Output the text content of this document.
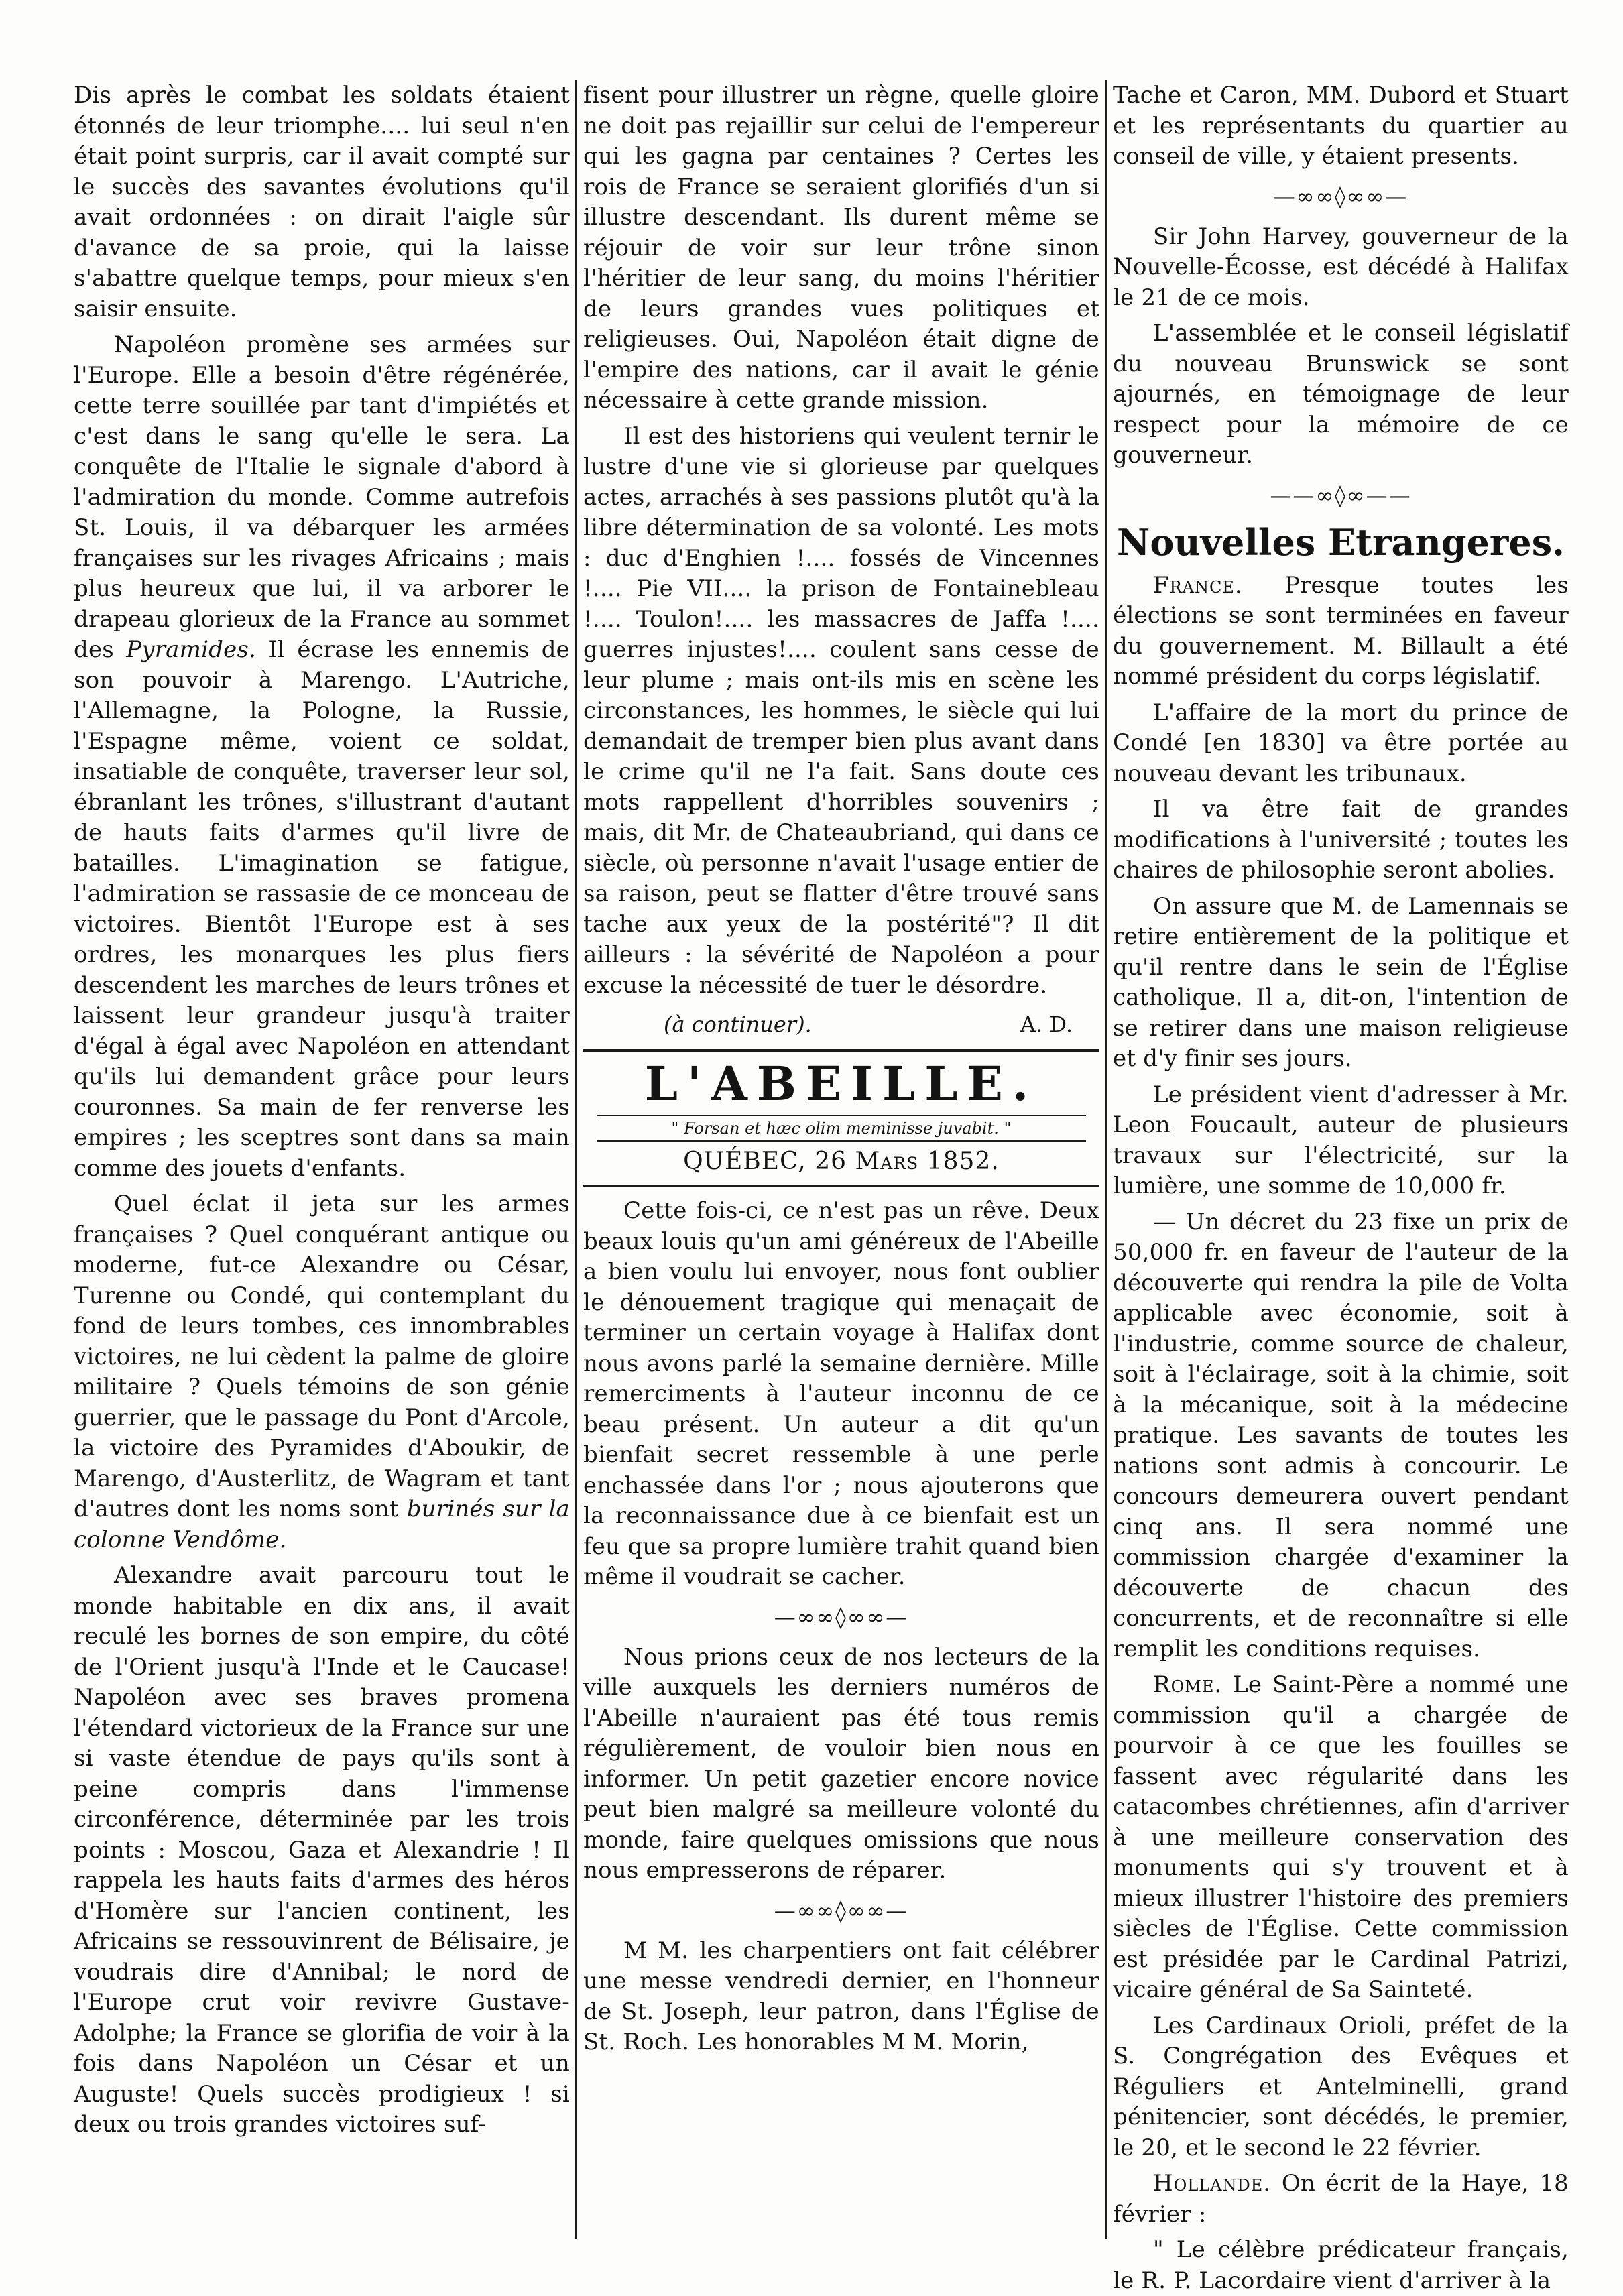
Dis après le combat les soldats étaient étonnés de leur triomphe.... lui seul n'en était point surpris, car il avait compté sur le succès des savantes évolutions qu'il avait ordonnées : on dirait l'aigle sûr d'avance de sa proie, qui la laisse s'abattre quelque temps, pour mieux s'en saisir ensuite.

Napoléon promène ses armées sur l'Europe. Elle a besoin d'être régénérée, cette terre souillée par tant d'impiétés et c'est dans le sang qu'elle le sera. La conquête de l'Italie le signale d'abord à l'admiration du monde. Comme autrefois St. Louis, il va débarquer les armées françaises sur les rivages Africains ; mais plus heureux que lui, il va arborer le drapeau glorieux de la France au sommet des Pyramides. Il écrase les ennemis de son pouvoir à Marengo. L'Autriche, l'Allemagne, la Pologne, la Russie, l'Espagne même, voient ce soldat, insatiable de conquête, traverser leur sol, ébranlant les trônes, s'illustrant d'autant de hauts faits d'armes qu'il livre de batailles. L'imagination se fatigue, l'admiration se rassasie de ce monceau de victoires. Bientôt l'Europe est à ses ordres, les monarques les plus fiers descendent les marches de leurs trônes et laissent leur grandeur jusqu'à traiter d'égal à égal avec Napoléon en attendant qu'ils lui demandent grâce pour leurs couronnes. Sa main de fer renverse les empires ; les sceptres sont dans sa main comme des jouets d'enfants.

Quel éclat il jeta sur les armes françaises ? Quel conquérant antique ou moderne, fut-ce Alexandre ou César, Turenne ou Condé, qui contemplant du fond de leurs tombes, ces innombrables victoires, ne lui cèdent la palme de gloire militaire ? Quels témoins de son génie guerrier, que le passage du Pont d'Arcole, la victoire des Pyramides d'Aboukir, de Marengo, d'Austerlitz, de Wagram et tant d'autres dont les noms sont burinés sur la colonne Vendôme.

Alexandre avait parcouru tout le monde habitable en dix ans, il avait reculé les bornes de son empire, du côté de l'Orient jusqu'à l'Inde et le Caucase! Napoléon avec ses braves promena l'étendard victorieux de la France sur une si vaste étendue de pays qu'ils sont à peine compris dans l'immense circonférence, déterminée par les trois points : Moscou, Gaza et Alexandrie ! Il rappela les hauts faits d'armes des héros d'Homère sur l'ancien continent, les Africains se ressouvinrent de Bélisaire, je voudrais dire d'Annibal; le nord de l'Europe crut voir revivre Gustave-Adolphe; la France se glorifia de voir à la fois dans Napoléon un César et un Auguste! Quels succès prodigieux ! si deux ou trois grandes victoires suf-

fisent pour illustrer un règne, quelle gloire ne doit pas rejaillir sur celui de l'empereur qui les gagna par centaines ? Certes les rois de France se seraient glorifiés d'un si illustre descendant. Ils durent même se réjouir de voir sur leur trône sinon l'héritier de leur sang, du moins l'héritier de leurs grandes vues politiques et religieuses. Oui, Napoléon était digne de l'empire des nations, car il avait le génie nécessaire à cette grande mission.

Il est des historiens qui veulent ternir le lustre d'une vie si glorieuse par quelques actes, arrachés à ses passions plutôt qu'à la libre détermination de sa volonté. Les mots : duc d'Enghien !.... fossés de Vincennes !.... Pie VII.... la prison de Fontainebleau !.... Toulon!.... les massacres de Jaffa !.... guerres injustes!.... coulent sans cesse de leur plume ; mais ont-ils mis en scène les circonstances, les hommes, le siècle qui lui demandait de tremper bien plus avant dans le crime qu'il ne l'a fait. Sans doute ces mots rappellent d'horribles souvenirs ; mais, dit Mr. de Chateaubriand, qui dans ce siècle, où personne n'avait l'usage entier de sa raison, peut se flatter d'être trouvé sans tache aux yeux de la postérité"? Il dit ailleurs : la sévérité de Napoléon a pour excuse la nécessité de tuer le désordre.

(à continuer).	A. D.
L'ABEILLE.
" Forsan et hæc olim meminisse juvabit. "
QUÉBEC, 26 Mars 1852.

Cette fois-ci, ce n'est pas un rêve. Deux beaux louis qu'un ami généreux de l'Abeille a bien voulu lui envoyer, nous font oublier le dénouement tragique qui menaçait de terminer un certain voyage à Halifax dont nous avons parlé la semaine dernière. Mille remerciments à l'auteur inconnu de ce beau présent. Un auteur a dit qu'un bienfait secret ressemble à une perle enchassée dans l'or ; nous ajouterons que la reconnaissance due à ce bienfait est un feu que sa propre lumière trahit quand bien même il voudrait se cacher.

—∞∞◊∞∞—

Nous prions ceux de nos lecteurs de la ville auxquels les derniers numéros de l'Abeille n'auraient pas été tous remis régulièrement, de vouloir bien nous en informer. Un petit gazetier encore novice peut bien malgré sa meilleure volonté du monde, faire quelques omissions que nous nous empresserons de réparer.

—∞∞◊∞∞—

M M. les charpentiers ont fait célébrer une messe vendredi dernier, en l'honneur de St. Joseph, leur patron, dans l'Église de St. Roch. Les honorables M M. Morin,

Tache et Caron, MM. Dubord et Stuart et les représentants du quartier au conseil de ville, y étaient presents.

—∞∞◊∞∞—

Sir John Harvey, gouverneur de la Nouvelle-Écosse, est décédé à Halifax le 21 de ce mois.

L'assemblée et le conseil législatif du nouveau Brunswick se sont ajournés, en témoignage de leur respect pour la mémoire de ce gouverneur.

——∞◊∞——
Nouvelles Etrangeres.

France. Presque toutes les élections se sont terminées en faveur du gouvernement. M. Billault a été nommé président du corps législatif.

L'affaire de la mort du prince de Condé [en 1830] va être portée au nouveau devant les tribunaux.

Il va être fait de grandes modifications à l'université ; toutes les chaires de philosophie seront abolies.

On assure que M. de Lamennais se retire entièrement de la politique et qu'il rentre dans le sein de l'Église catholique. Il a, dit-on, l'intention de se retirer dans une maison religieuse et d'y finir ses jours.

Le président vient d'adresser à Mr. Leon Foucault, auteur de plusieurs travaux sur l'électricité, sur la lumière, une somme de 10,000 fr.

— Un décret du 23 fixe un prix de 50,000 fr. en faveur de l'auteur de la découverte qui rendra la pile de Volta applicable avec économie, soit à l'industrie, comme source de chaleur, soit à l'éclairage, soit à la chimie, soit à la mécanique, soit à la médecine pratique. Les savants de toutes les nations sont admis à concourir. Le concours demeurera ouvert pendant cinq ans. Il sera nommé une commission chargée d'examiner la découverte de chacun des concurrents, et de reconnaître si elle remplit les conditions requises.

Rome. Le Saint-Père a nommé une commission qu'il a chargée de pourvoir à ce que les fouilles se fassent avec régularité dans les catacombes chrétiennes, afin d'arriver à une meilleure conservation des monuments qui s'y trouvent et à mieux illustrer l'histoire des premiers siècles de l'Église. Cette commission est présidée par le Cardinal Patrizi, vicaire général de Sa Sainteté.

Les Cardinaux Orioli, préfet de la S. Congrégation des Evêques et Réguliers et Antelminelli, grand pénitencier, sont décédés, le premier, le 20, et le second le 22 février.

Hollande. On écrit de la Haye, 18 février :

" Le célèbre prédicateur français, le R. P. Lacordaire vient d'arriver à la
